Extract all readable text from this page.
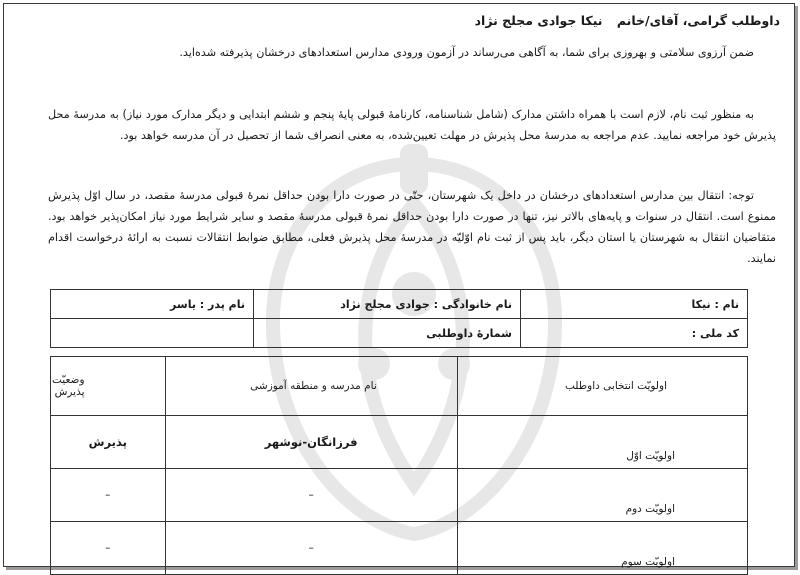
داوطلب گرامی، آقای/خانم نیکا جوادی مجلج نژاد
ضمن آرزوی سلامتی و بهروزی برای شما، به آگاهی می‌رساند در آزمون ورودی مدارس استعدادهای درخشان پذیرفته شده‌اید.
به منظور ثبت نام، لازم است با همراه داشتن مدارک (شامل شناسنامه، کارنامهٔ قبولی پایهٔ پنجم و ششم ابتدایی و دیگر مدارک مورد نیاز) به مدرسهٔ محل پذیرش خود مراجعه نمایید. عدم مراجعه به مدرسهٔ محل پذیرش در مهلت تعیین‌شده، به معنی انصراف شما از تحصیل در آن مدرسه خواهد بود.
توجه: انتقال بین مدارس استعدادهای درخشان در داخل یک شهرستان، حتّی در صورت دارا بودن حداقل نمرهٔ قبولی مدرسهٔ مقصد، در سال اوّل پذیرش ممنوع است. انتقال در سنوات و پایه‌های بالاتر نیز، تنها در صورت دارا بودن حداقل نمرهٔ قبولی مدرسهٔ مقصد و سایر شرایط مورد نیاز امکان‌پذیر خواهد بود. متقاضیان انتقال به شهرستان یا استان دیگر، باید پس از ثبت نام اوّلیّه در مدرسهٔ محل پذیرش فعلی، مطابق ضوابط انتقالات نسبت به ارائهٔ درخواست اقدام نمایند.
نام : نیکا	نام خانوادگی : جوادی مجلج نژاد	نام پدر : یاسر
کد ملی :	شمارهٔ داوطلبی	
اولویّت انتخابی داوطلب	نام مدرسه و منطقه آموزشی	وضعیّت پذیرش
اولویّت اوّل	فرزانگان-نوشهر	پذیرش
اولویّت دوم	–	–
اولویّت سوم	–	–
